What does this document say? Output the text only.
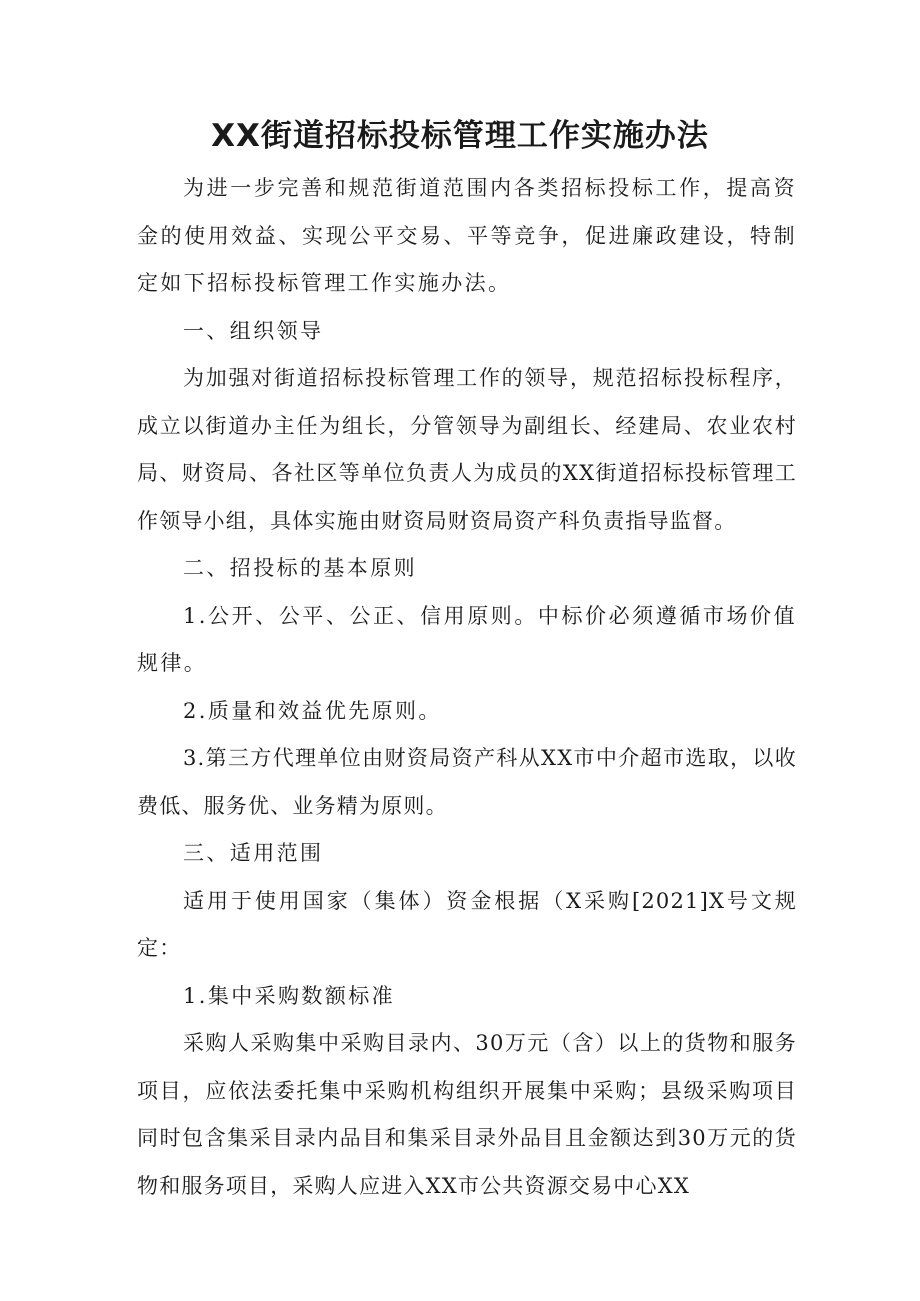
XX街道招标投标管理工作实施办法

为进一步完善和规范街道范围内各类招标投标工作，提高资金的使用效益、实现公平交易、平等竞争，促进廉政建设，特制定如下招标投标管理工作实施办法。

一、组织领导

为加强对街道招标投标管理工作的领导，规范招标投标程序，成立以街道办主任为组长，分管领导为副组长、经建局、农业农村局、财资局、各社区等单位负责人为成员的XX街道招标投标管理工作领导小组，具体实施由财资局财资局资产科负责指导监督。

二、招投标的基本原则

1.公开、公平、公正、信用原则。中标价必须遵循市场价值规律。

2.质量和效益优先原则。

3.第三方代理单位由财资局资产科从XX市中介超市选取，以收费低、服务优、业务精为原则。

三、适用范围

适用于使用国家（集体）资金根据（X采购[2021]X号文规定：

1.集中采购数额标准

采购人采购集中采购目录内、30万元（含）以上的货物和服务项目，应依法委托集中采购机构组织开展集中采购；县级采购项目同时包含集采目录内品目和集采目录外品目且金额达到30万元的货物和服务项目，采购人应进入XX市公共资源交易中心XX
